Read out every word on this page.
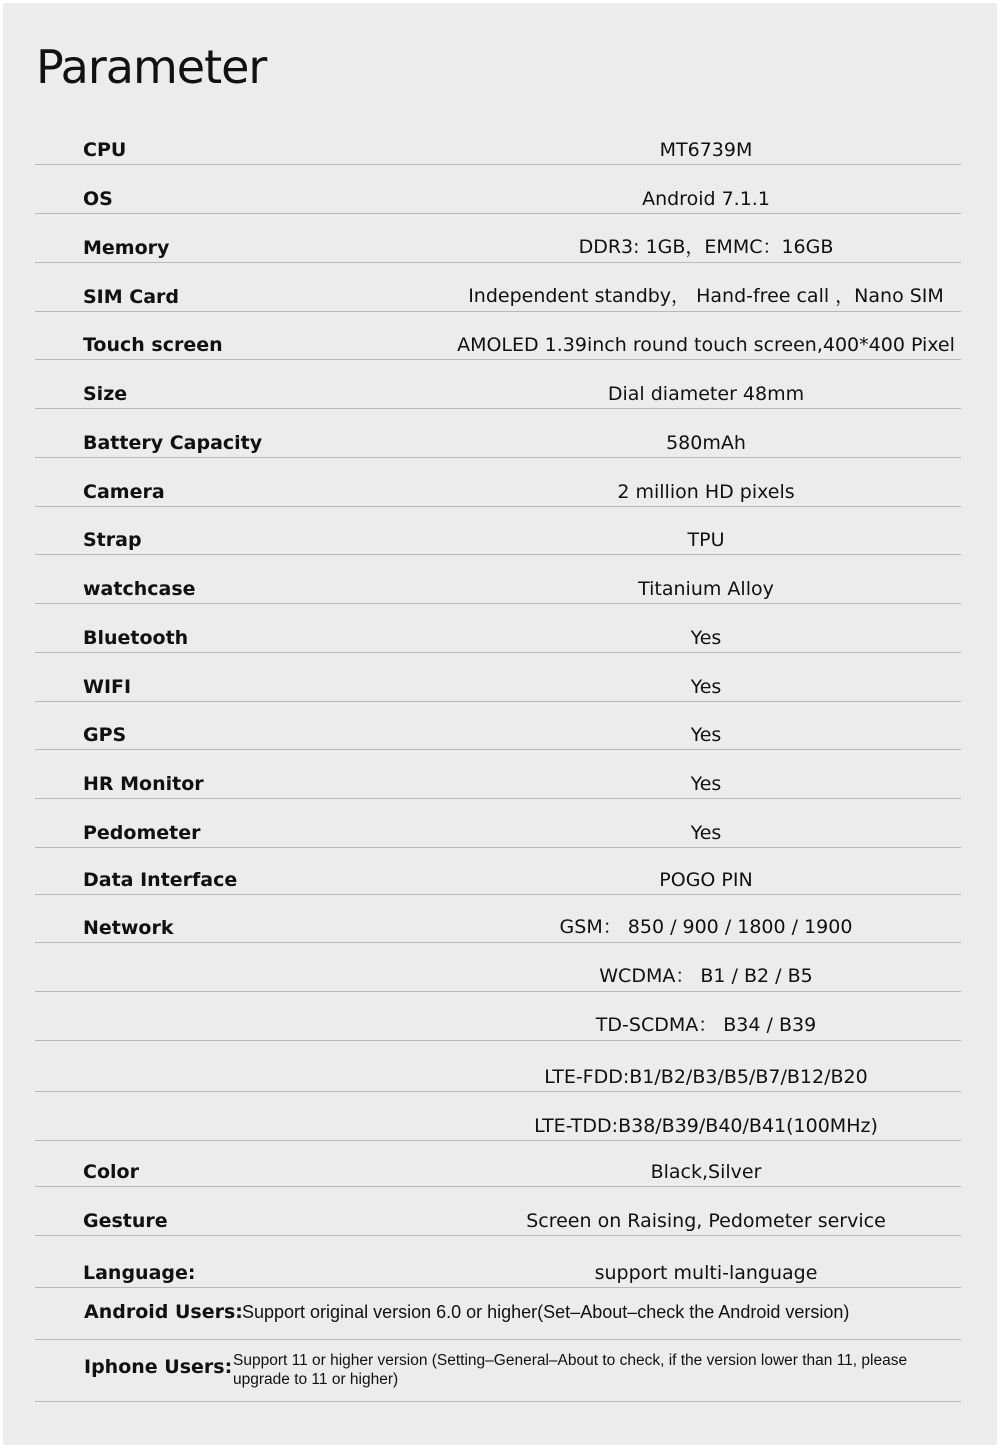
Parameter
CPU	MT6739M
OS	Android 7.1.1
Memory	DDR3: 1GB，EMMC：16GB
SIM Card	Independent standby， Hand-free call ，Nano SIM
Touch screen	AMOLED 1.39inch round touch screen,400*400 Pixel
Size	Dial diameter 48mm
Battery Capacity	580mAh
Camera	2 million HD pixels
Strap	TPU
watchcase	Titanium Alloy
Bluetooth	Yes
WIFI	Yes
GPS	Yes
HR Monitor	Yes
Pedometer	Yes
Data Interface	POGO PIN
Network	GSM： 850 / 900 / 1800 / 1900
WCDMA： B1 / B2 / B5
TD-SCDMA： B34 / B39
LTE-FDD:B1/B2/B3/B5/B7/B12/B20
LTE-TDD:B38/B39/B40/B41(100MHz)
Color	Black,Silver
Gesture	Screen on Raising, Pedometer service
Language:	support multi-language
Android Users: Support original version 6.0 or higher(Set–About–check the Android version)
Iphone Users: Support 11 or higher version (Setting–General–About to check, if the version lower than 11, please upgrade to 11 or higher)
